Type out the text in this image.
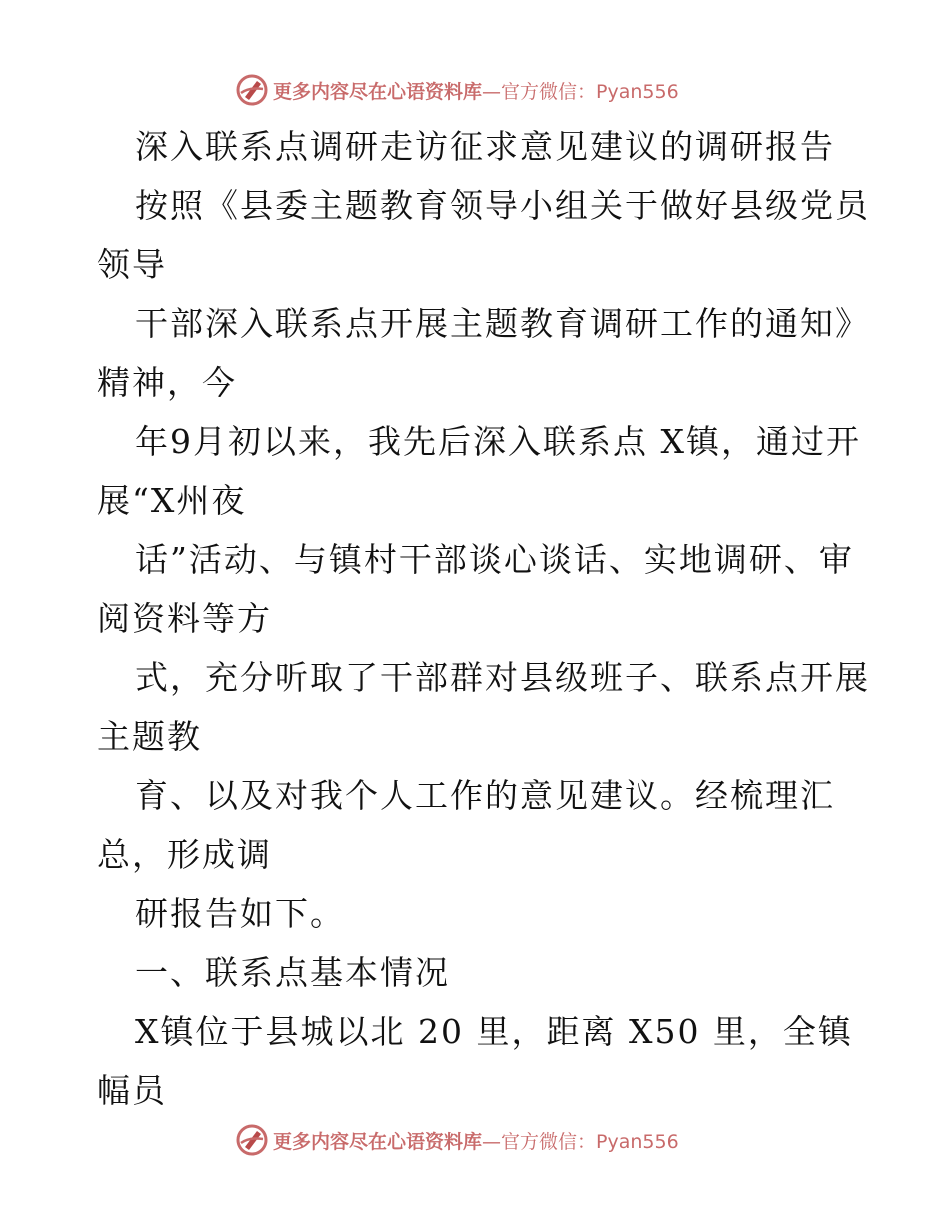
更多内容尽在心语资料库 —官方微信：Pyan556
深入联系点调研走访征求意见建议的调研报告
按照《县委主题教育领导小组关于做好县级党员
领导
干部深入联系点开展主题教育调研工作的通知》
精神，今
年9月初以来，我先后深入联系点 X镇，通过开
展“X州夜
话”活动、与镇村干部谈心谈话、实地调研、审
阅资料等方
式，充分听取了干部群对县级班子、联系点开展
主题教
育、以及对我个人工作的意见建议。经梳理汇
总，形成调
研报告如下。
一、联系点基本情况
X镇位于县城以北 20 里，距离 X50 里，全镇
幅员
更多内容尽在心语资料库 —官方微信：Pyan556
